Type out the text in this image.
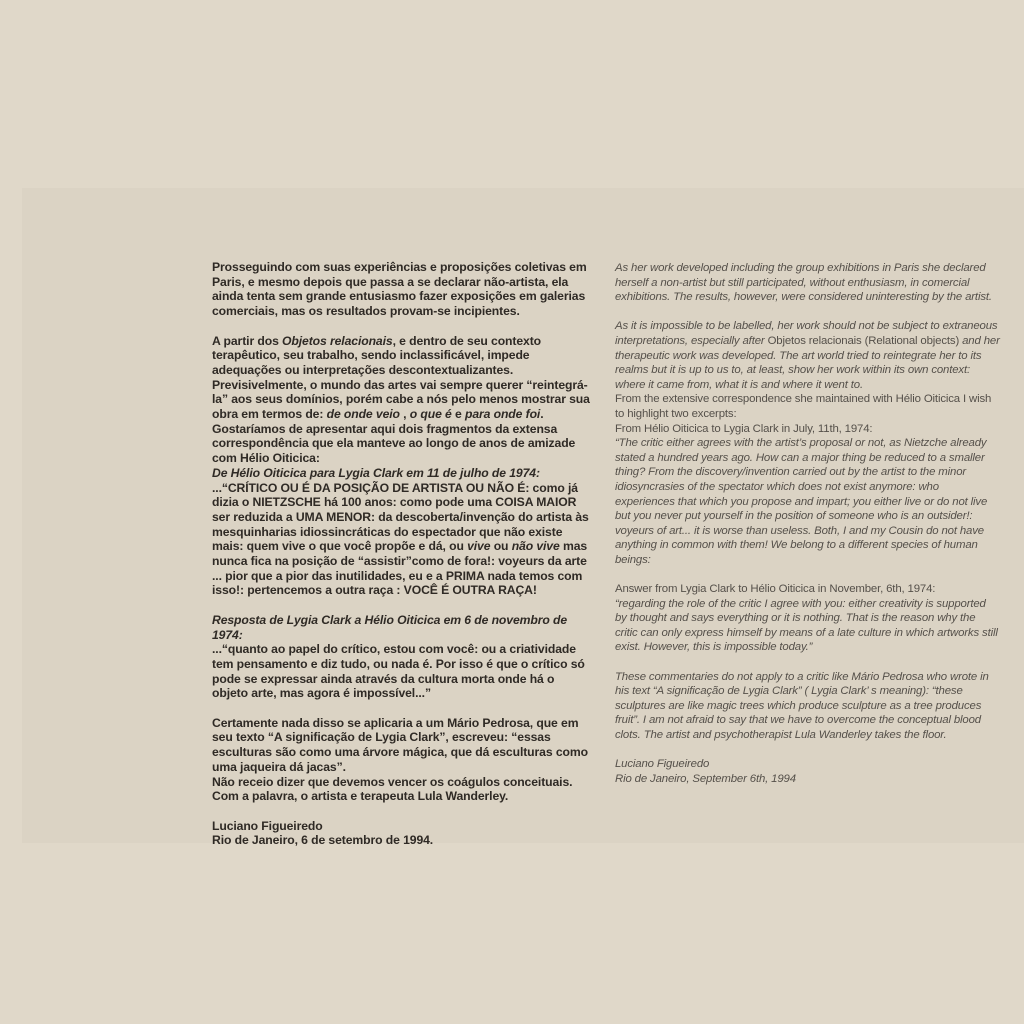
Prosseguindo com suas experiências e proposições coletivas em Paris, e mesmo depois que passa a se declarar não-artista, ela ainda tenta sem grande entusiasmo fazer exposições em galerias comerciais, mas os resultados provam-se incipientes.

A partir dos Objetos relacionais, e dentro de seu contexto terapêutico, seu trabalho, sendo inclassificável, impede adequações ou interpretações descontextualizantes. Previsivelmente, o mundo das artes vai sempre querer “reintegrá-la” aos seus domínios, porém cabe a nós pelo menos mostrar sua obra em termos de: de onde veio , o que é e para onde foi.

Gostaríamos de apresentar aqui dois fragmentos da extensa correspondência que ela manteve ao longo de anos de amizade com Hélio Oiticica:

De Hélio Oiticica para Lygia Clark em 11 de julho de 1974:

...“CRÍTICO OU É DA POSIÇÃO DE ARTISTA OU NÃO É: como já dizia o NIETZSCHE há 100 anos: como pode uma COISA MAIOR ser reduzida a UMA MENOR: da descoberta/invenção do artista às mesquinharias idiossincráticas do espectador que não existe mais: quem vive o que você propõe e dá, ou vive ou não vive mas nunca fica na posição de “assistir”como de fora!: voyeurs da arte ... pior que a pior das inutilidades, eu e a PRIMA nada temos com isso!: pertencemos a outra raça : VOCÊ É OUTRA RAÇA!

Resposta de Lygia Clark a Hélio Oiticica em 6 de novembro de 1974:

...“quanto ao papel do crítico, estou com você: ou a criatividade tem pensamento e diz tudo, ou nada é. Por isso é que o crítico só pode se expressar ainda através da cultura morta onde há o objeto arte, mas agora é impossível...”

Certamente nada disso se aplicaria a um Mário Pedrosa, que em seu texto “A significação de Lygia Clark”, escreveu: “essas esculturas são como uma árvore mágica, que dá esculturas como uma jaqueira dá jacas”.

Não receio dizer que devemos vencer os coágulos conceituais. Com a palavra, o artista e terapeuta Lula Wanderley.

Luciano Figueiredo

Rio de Janeiro, 6 de setembro de 1994.

As her work developed including the group exhibitions in Paris she declared herself a non-artist but still participated, without enthusiasm, in comercial exhibitions. The results, however, were considered uninteresting by the artist.

As it is impossible to be labelled, her work should not be subject to extraneous interpretations, especially after Objetos relacionais (Relational objects) and her therapeutic work was developed. The art world tried to reintegrate her to its realms but it is up to us to, at least, show her work within its own context: where it came from, what it is and where it went to.

From the extensive correspondence she maintained with Hélio Oiticica I wish to highlight two excerpts:

From Hélio Oiticica to Lygia Clark in July, 11th, 1974:

“The critic either agrees with the artist’s proposal or not, as Nietzche already stated a hundred years ago. How can a major thing be reduced to a smaller thing? From the discovery/invention carried out by the artist to the minor idiosyncrasies of the spectator which does not exist anymore: who experiences that which you propose and impart; you either live or do not live but you never put yourself in the position of someone who is an outsider!: voyeurs of art... it is worse than useless. Both, I and my Cousin do not have anything in common with them! We belong to a different species of human beings:

Answer from Lygia Clark to Hélio Oiticica in November, 6th, 1974:

“regarding the role of the critic I agree with you: either creativity is supported by thought and says everything or it is nothing. That is the reason why the critic can only express himself by means of a late culture in which artworks still exist. However, this is impossible today.”

These commentaries do not apply to a critic like Mário Pedrosa who wrote in his text “A significação de Lygia Clark” ( Lygia Clark’ s meaning): “these sculptures are like magic trees which produce sculpture as a tree produces fruit”. I am not afraid to say that we have to overcome the conceptual blood clots. The artist and psychotherapist Lula Wanderley takes the floor.

Luciano Figueiredo

Rio de Janeiro, September 6th, 1994
